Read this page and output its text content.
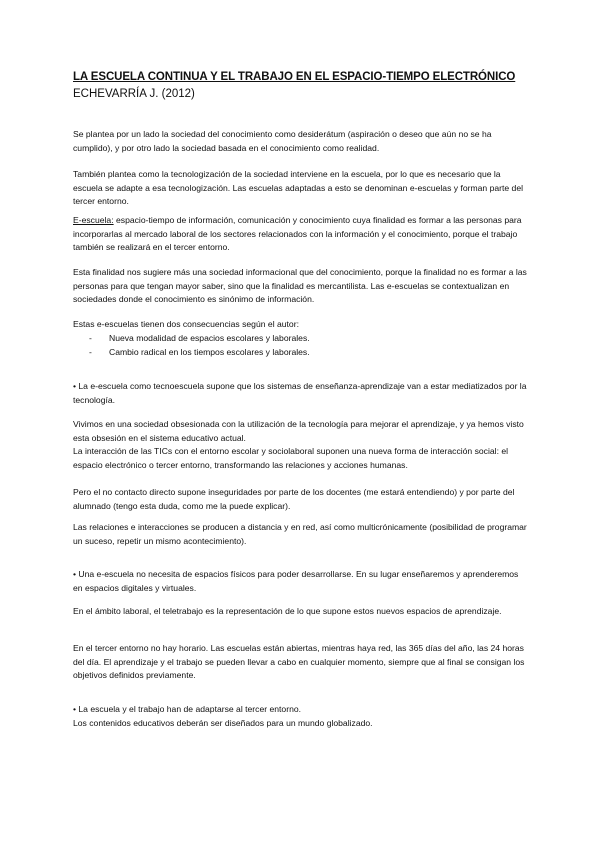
LA ESCUELA CONTINUA Y EL TRABAJO EN EL ESPACIO-TIEMPO ELECTRÓNICO
ECHEVARRÍA J. (2012)

Se plantea por un lado la sociedad del conocimiento como desiderátum (aspiración o deseo que aún no se ha cumplido), y por otro lado la sociedad basada en el conocimiento como realidad.

También plantea como la tecnologización de la sociedad interviene en la escuela, por lo que es necesario que la escuela se adapte a esa tecnologización. Las escuelas adaptadas a esto se denominan e-escuelas y forman parte del tercer entorno.

E-escuela: espacio-tiempo de información, comunicación y conocimiento cuya finalidad es formar a las personas para incorporarlas al mercado laboral de los sectores relacionados con la información y el conocimiento, porque el trabajo también se realizará en el tercer entorno.

Esta finalidad nos sugiere más una sociedad informacional que del conocimiento, porque la finalidad no es formar a las personas para que tengan mayor saber, sino que la finalidad es mercantilista. Las e-escuelas se contextualizan en sociedades donde el conocimiento es sinónimo de información.

Estas e-escuelas tienen dos consecuencias según el autor:

- Nueva modalidad de espacios escolares y laborales.
- Cambio radical en los tiempos escolares y laborales.

• La e-escuela como tecnoescuela supone que los sistemas de enseñanza-aprendizaje van a estar mediatizados por la tecnología.

Vivimos en una sociedad obsesionada con la utilización de la tecnología para mejorar el aprendizaje, y ya hemos visto esta obsesión en el sistema educativo actual.

La interacción de las TICs con el entorno escolar y sociolaboral suponen una nueva forma de interacción social: el espacio electrónico o tercer entorno, transformando las relaciones y acciones humanas.

Pero el no contacto directo supone inseguridades por parte de los docentes (me estará entendiendo) y por parte del alumnado (tengo esta duda, como me la puede explicar).

Las relaciones e interacciones se producen a distancia y en red, así como multicrónicamente (posibilidad de programar un suceso, repetir un mismo acontecimiento).

• Una e-escuela no necesita de espacios físicos para poder desarrollarse. En su lugar enseñaremos y aprenderemos en espacios digitales y virtuales.

En el ámbito laboral, el teletrabajo es la representación de lo que supone estos nuevos espacios de aprendizaje.

En el tercer entorno no hay horario. Las escuelas están abiertas, mientras haya red, las 365 días del año, las 24 horas del día. El aprendizaje y el trabajo se pueden llevar a cabo en cualquier momento, siempre que al final se consigan los objetivos definidos previamente.

• La escuela y el trabajo han de adaptarse al tercer entorno.

Los contenidos educativos deberán ser diseñados para un mundo globalizado.
